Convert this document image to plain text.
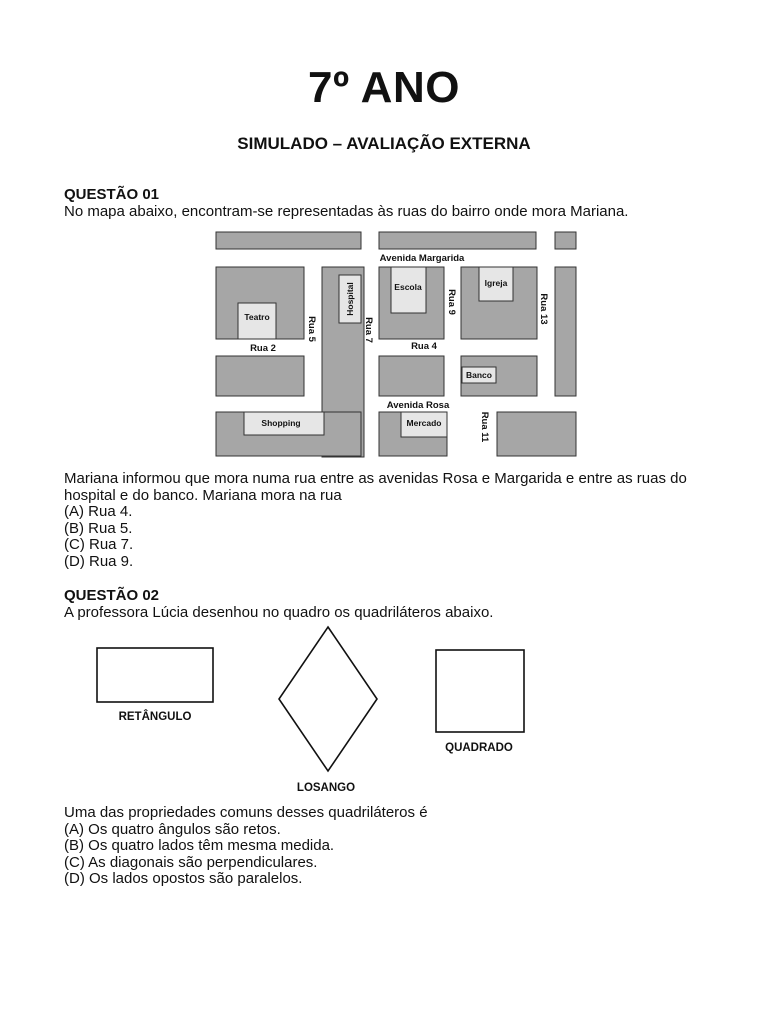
7º ANO
SIMULADO – AVALIAÇÃO EXTERNA
QUESTÃO 01
No mapa abaixo, encontram-se representadas às ruas do bairro onde mora Mariana.
Avenida Margarida
Avenida Rosa
Rua 2	Rua 4
Rua 5	Rua 7
Rua 9
Rua 11
Rua 13
Teatro
Hospital	Escola	Igreja
Banco
Shopping	Mercado

Mariana informou que mora numa rua entre as avenidas Rosa e Margarida e entre as ruas do

hospital e do banco. Mariana mora na rua

(A) Rua 4.

(B) Rua 5.

(C) Rua 7.

(D) Rua 9.

QUESTÃO 02
A professora Lúcia desenhou no quadro os quadriláteros abaixo.
RETÂNGULO
LOSANGO
QUADRADO

Uma das propriedades comuns desses quadriláteros é

(A) Os quatro ângulos são retos.

(B) Os quatro lados têm mesma medida.

(C) As diagonais são perpendiculares.

(D) Os lados opostos são paralelos.
